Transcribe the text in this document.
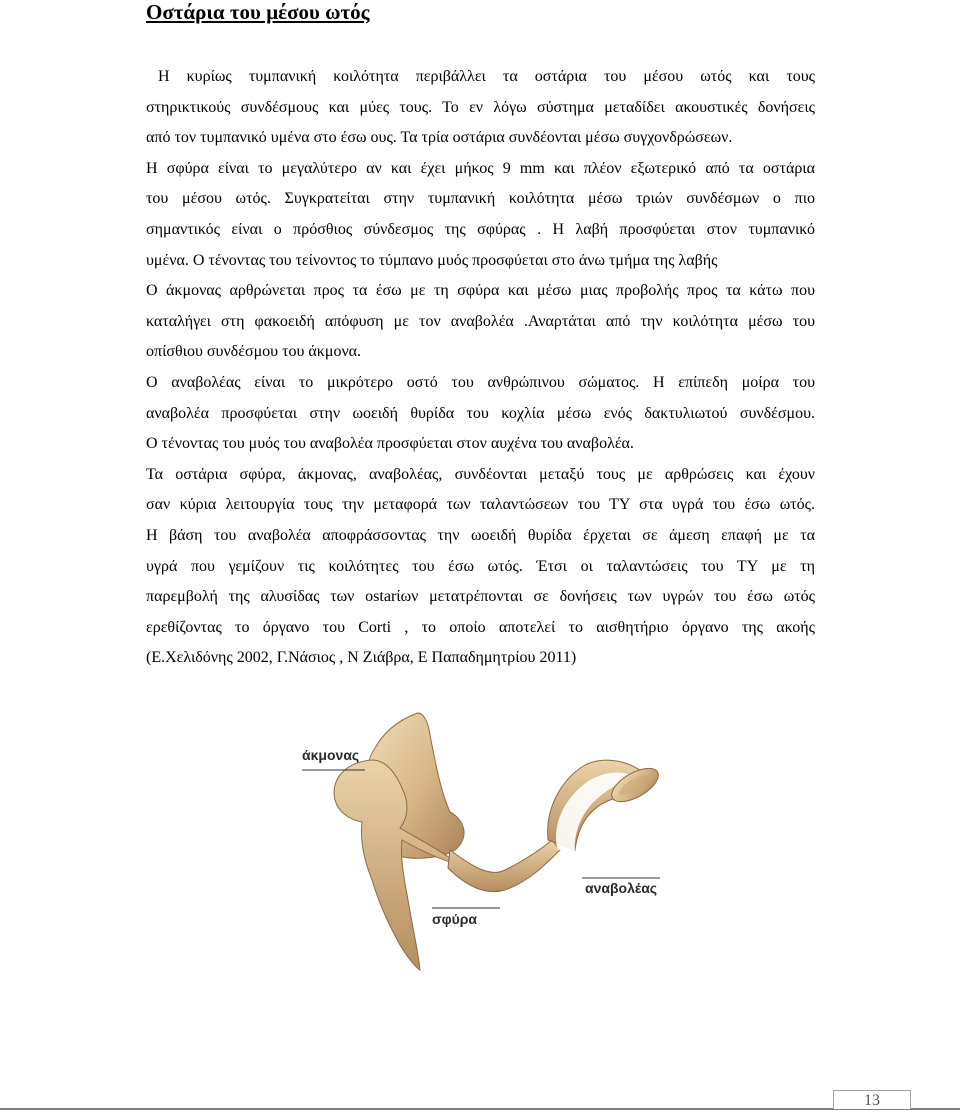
Οστάρια του μέσου ωτός

Η κυρίως τυμπανική κοιλότητα περιβάλλει τα οστάρια του μέσου ωτός και τους

στηρικτικούς συνδέσμους και μύες τους. Το εν λόγω σύστημα μεταδίδει ακουστικές δονήσεις

από τον τυμπανικό υμένα στο έσω ους. Τα τρία οστάρια συνδέονται μέσω συγχονδρώσεων.

Η σφύρα είναι το μεγαλύτερο αν και έχει μήκος 9 mm και πλέον εξωτερικό από τα οστάρια

του μέσου ωτός. Συγκρατείται στην τυμπανική κοιλότητα μέσω τριών συνδέσμων ο πιο

σημαντικός είναι ο πρόσθιος σύνδεσμος της σφύρας . Η λαβή προσφύεται στον τυμπανικό

υμένα. Ο τένοντας του τείνοντος το τύμπανο μυός προσφύεται στο άνω τμήμα της λαβής

Ο άκμονας αρθρώνεται προς τα έσω με τη σφύρα και μέσω μιας προβολής προς τα κάτω που

καταλήγει στη φακοειδή απόφυση με τον αναβολέα .Αναρτάται από την κοιλότητα μέσω του

οπίσθιου συνδέσμου του άκμονα.

Ο αναβολέας είναι το μικρότερο οστό του ανθρώπινου σώματος. Η επίπεδη μοίρα του

αναβολέα προσφύεται στην ωοειδή θυρίδα του κοχλία μέσω ενός δακτυλιωτού συνδέσμου.

Ο τένοντας του μυός του αναβολέα προσφύεται στον αυχένα του αναβολέα.

Τα οστάρια σφύρα, άκμονας, αναβολέας, συνδέονται μεταξύ τους με αρθρώσεις και έχουν

σαν κύρια λειτουργία τους την μεταφορά των ταλαντώσεων του ΤΥ στα υγρά του έσω ωτός.

Η βάση του αναβολέα αποφράσσοντας την ωοειδή θυρίδα έρχεται σε άμεση επαφή με τα

υγρά που γεμίζουν τις κοιλότητες του έσω ωτός. Έτσι οι ταλαντώσεις του ΤΥ με τη

παρεμβολή της αλυσίδας των ostarίων μετατρέπονται σε δονήσεις των υγρών του έσω ωτός

ερεθίζοντας το όργανο του Corti , το οποίο αποτελεί το αισθητήριο όργανο της ακοής

(Ε.Χελιδόνης 2002, Γ.Νάσιος , Ν Ζιάβρα, Ε Παπαδημητρίου 2011)

άκμονας
αναβολέας
σφύρα
13
